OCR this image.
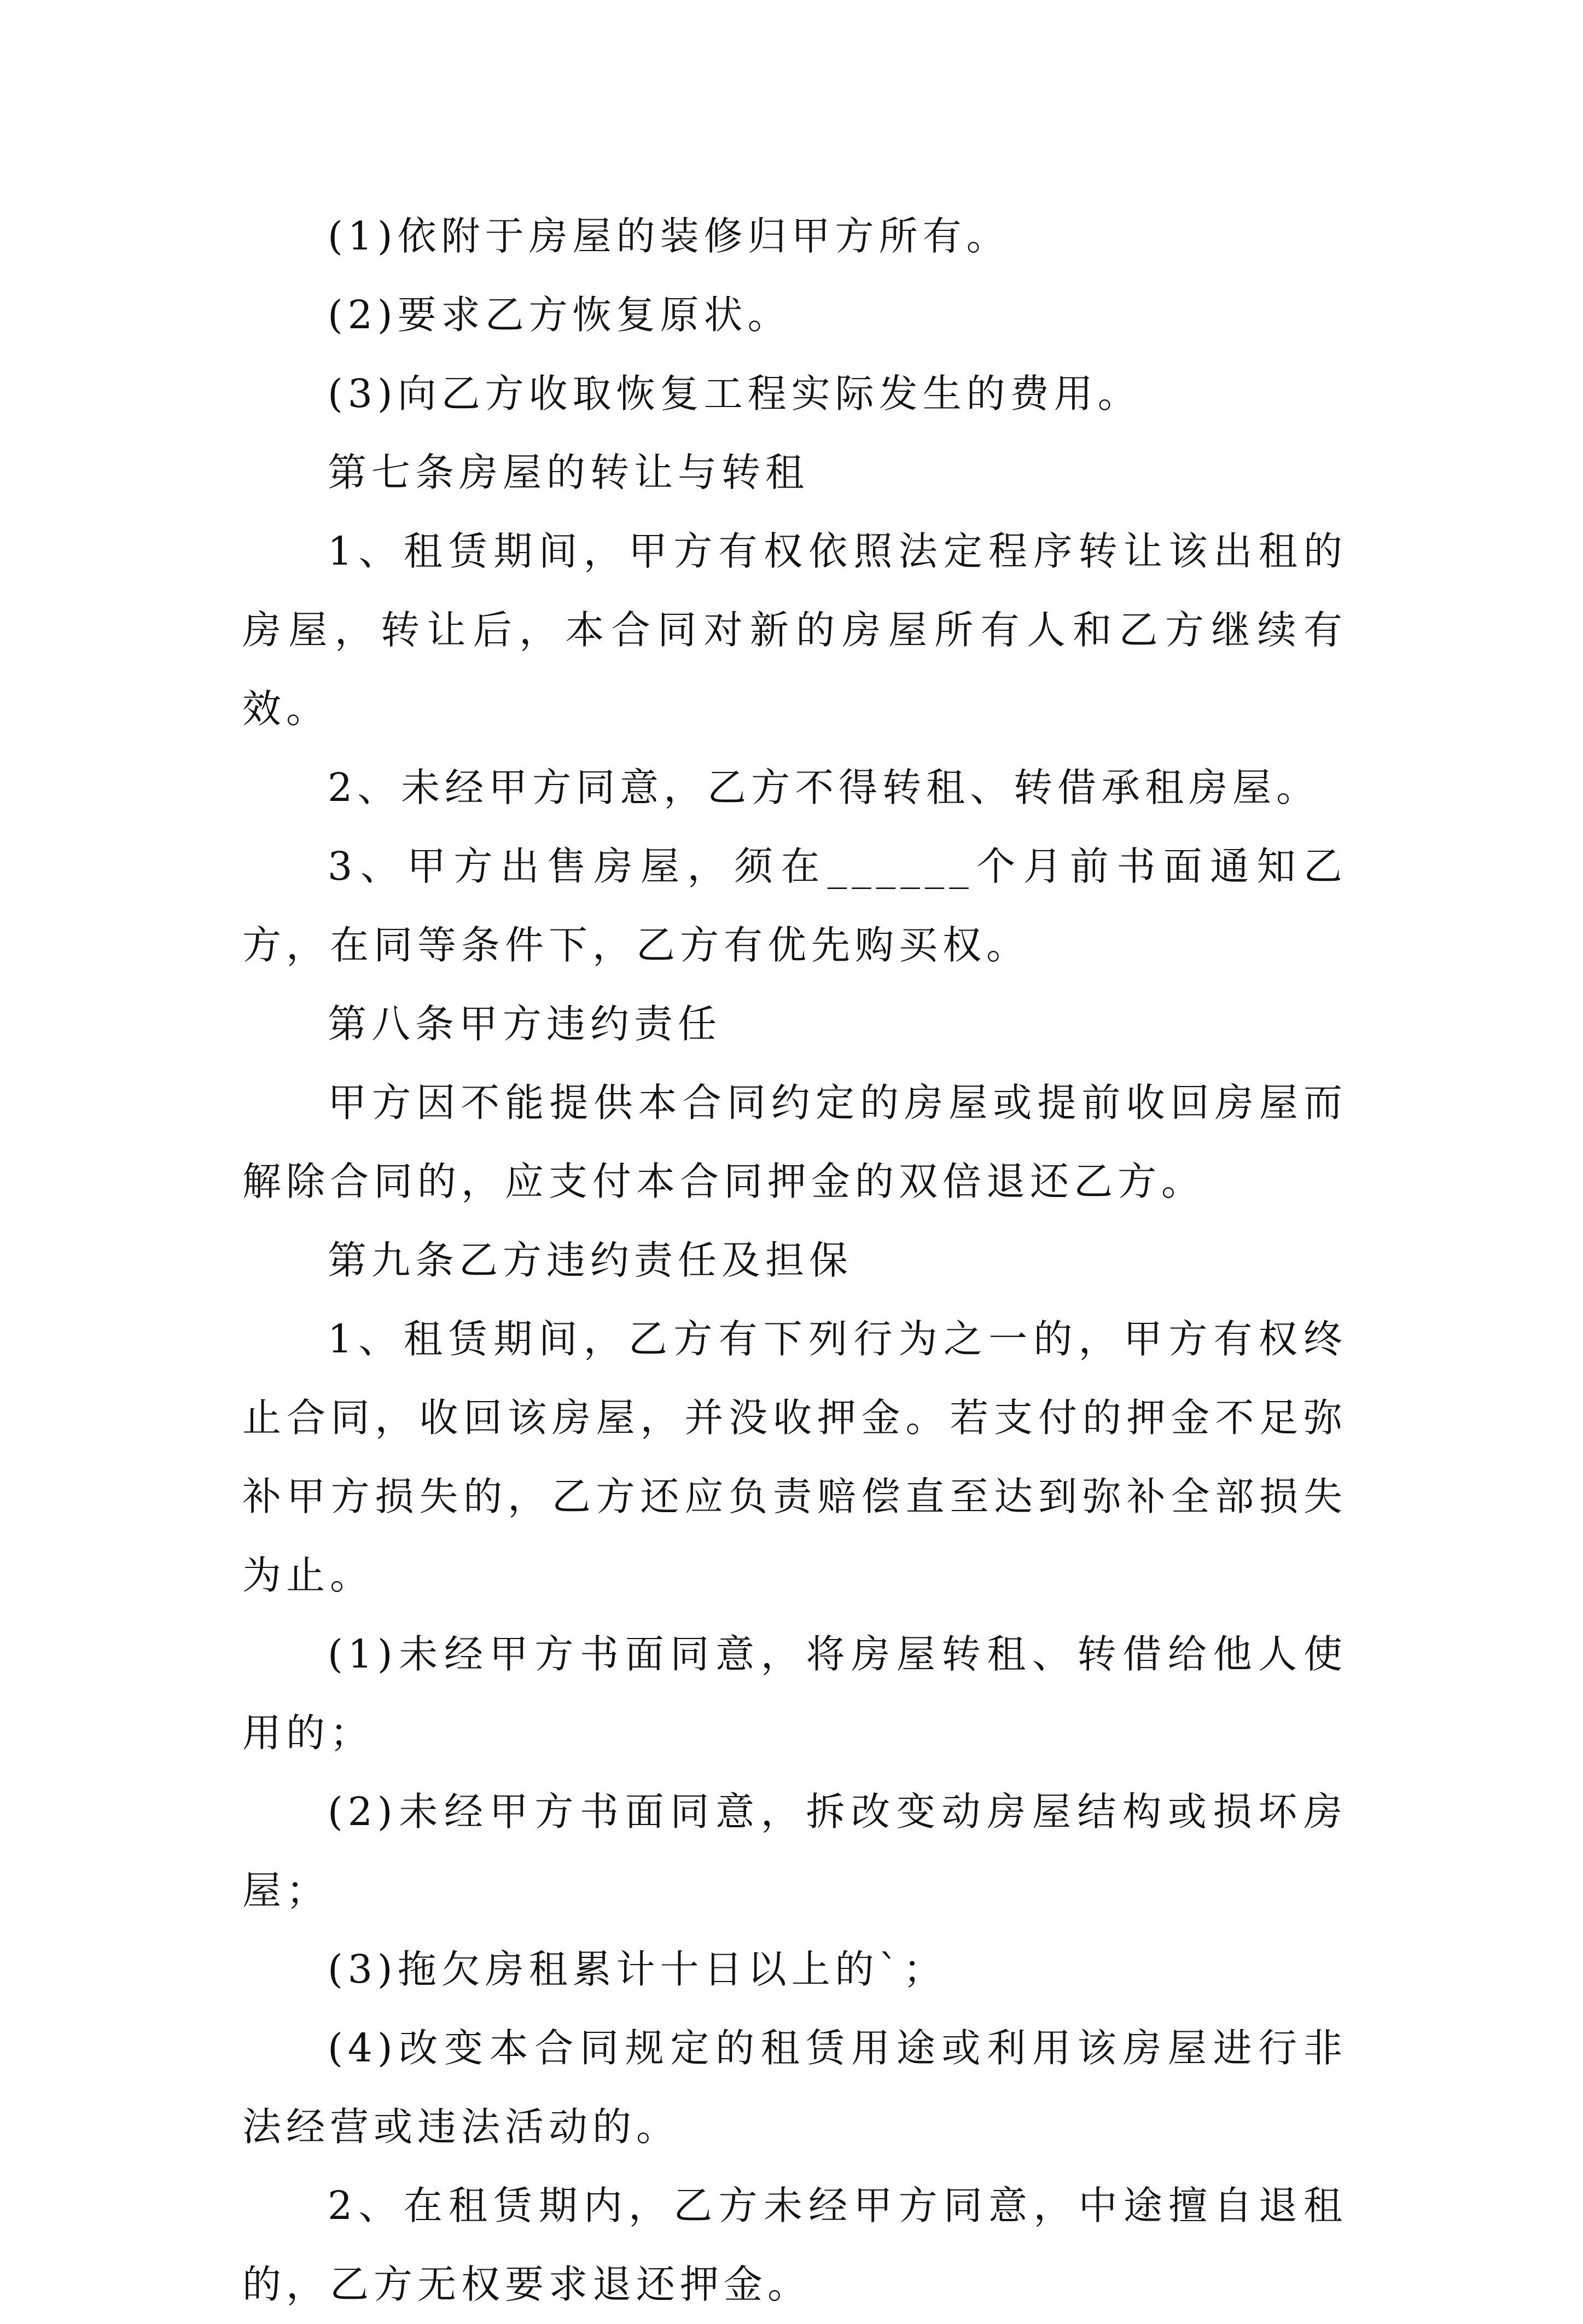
(1)依附于房屋的装修归甲方所有。

(2)要求乙方恢复原状。

(3)向乙方收取恢复工程实际发生的费用。

第七条房屋的转让与转租

1、租赁期间，甲方有权依照法定程序转让该出租的房屋，转让后，本合同对新的房屋所有人和乙方继续有效。

2、未经甲方同意，乙方不得转租、转借承租房屋。

3、甲方出售房屋，须在______个月前书面通知乙方，在同等条件下，乙方有优先购买权。

第八条甲方违约责任

甲方因不能提供本合同约定的房屋或提前收回房屋而解除合同的，应支付本合同押金的双倍退还乙方。

第九条乙方违约责任及担保

1、租赁期间，乙方有下列行为之一的，甲方有权终止合同，收回该房屋，并没收押金。若支付的押金不足弥补甲方损失的，乙方还应负责赔偿直至达到弥补全部损失为止。

(1)未经甲方书面同意，将房屋转租、转借给他人使用的；

(2)未经甲方书面同意，拆改变动房屋结构或损坏房屋；

(3)拖欠房租累计十日以上的`；

(4)改变本合同规定的租赁用途或利用该房屋进行非法经营或违法活动的。

2、在租赁期内，乙方未经甲方同意，中途擅自退租的，乙方无权要求退还押金。
